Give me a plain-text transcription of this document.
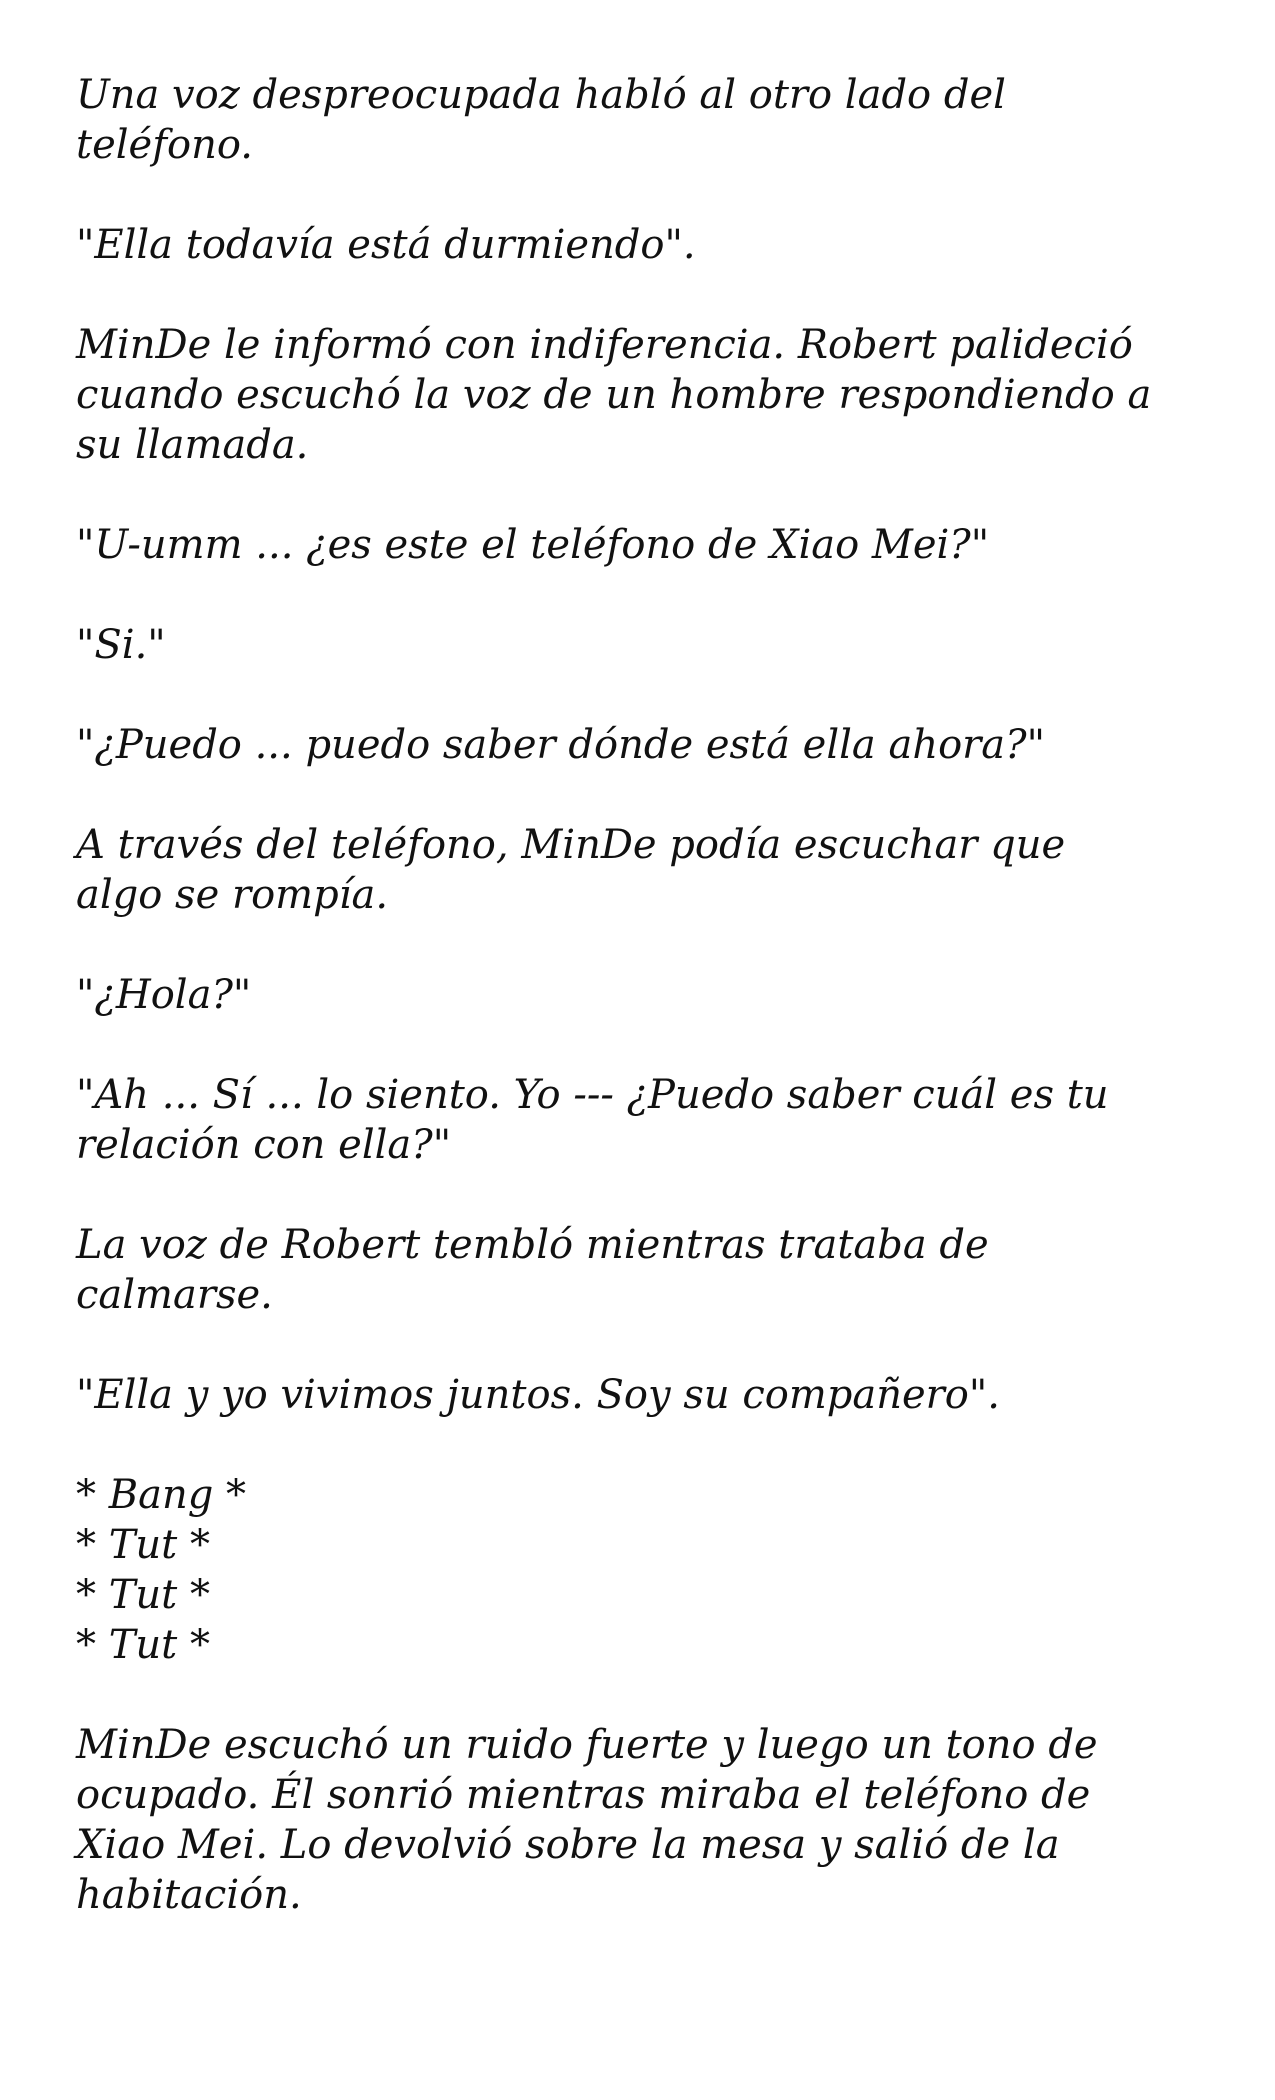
Una voz despreocupada habló al otro lado del
teléfono.

"Ella todavía está durmiendo".

MinDe le informó con indiferencia. Robert palideció
cuando escuchó la voz de un hombre respondiendo a
su llamada.

"U-umm ... ¿es este el teléfono de Xiao Mei?"

"Si."

"¿Puedo ... puedo saber dónde está ella ahora?"

A través del teléfono, MinDe podía escuchar que
algo se rompía.

"¿Hola?"

"Ah ... Sí ... lo siento. Yo --- ¿Puedo saber cuál es tu
relación con ella?"

La voz de Robert tembló mientras trataba de
calmarse.

"Ella y yo vivimos juntos. Soy su compañero".

* Bang *
* Tut *
* Tut *
* Tut *

MinDe escuchó un ruido fuerte y luego un tono de
ocupado. Él sonrió mientras miraba el teléfono de
Xiao Mei. Lo devolvió sobre la mesa y salió de la
habitación.
